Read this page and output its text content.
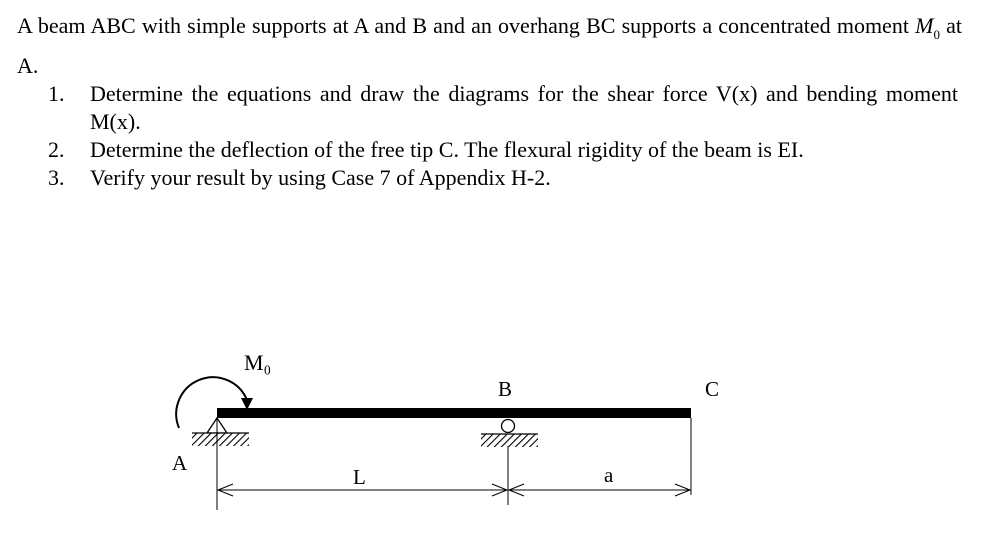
A beam ABC with simple supports at A and B and an overhang BC supports a concentrated moment $M_0$ at A.
1. Determine the equations and draw the diagrams for the shear force V(x) and bending moment M(x).
2. Determine the deflection of the free tip C. The flexural rigidity of the beam is EI.
3. Verify your result by using Case 7 of Appendix H-2.
M₀
A
B	C
L	a
